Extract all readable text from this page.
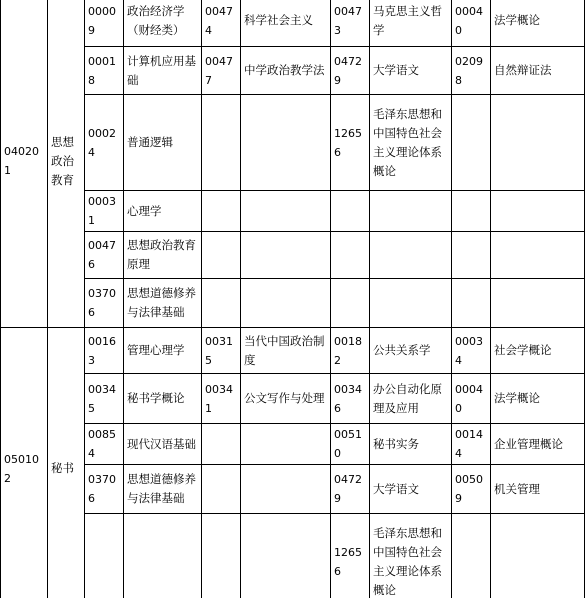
040201	思想政治教育	00009	政治经济学（财经类）	00474	科学社会主义	00473	马克思主义哲学	00040	法学概论
		00018	计算机应用基础	00477	中学政治教学法	04729	大学语文	02098	自然辩证法
		00024	普通逻辑			12656	毛泽东思想和中国特色社会主义理论体系概论		
		00031	心理学						
		00476	思想政治教育原理						
		03706	思想道德修养与法律基础						
050102	秘书	00163	管理心理学	00315	当代中国政治制度	00182	公共关系学	00034	社会学概论
		00345	秘书学概论	00341	公文写作与处理	00346	办公自动化原理及应用	00040	法学概论
		00854	现代汉语基础			00510	秘书实务	00144	企业管理概论
		03706	思想道德修养与法律基础			04729	大学语文	00509	机关管理
						12656	毛泽东思想和中国特色社会主义理论体系概论		
